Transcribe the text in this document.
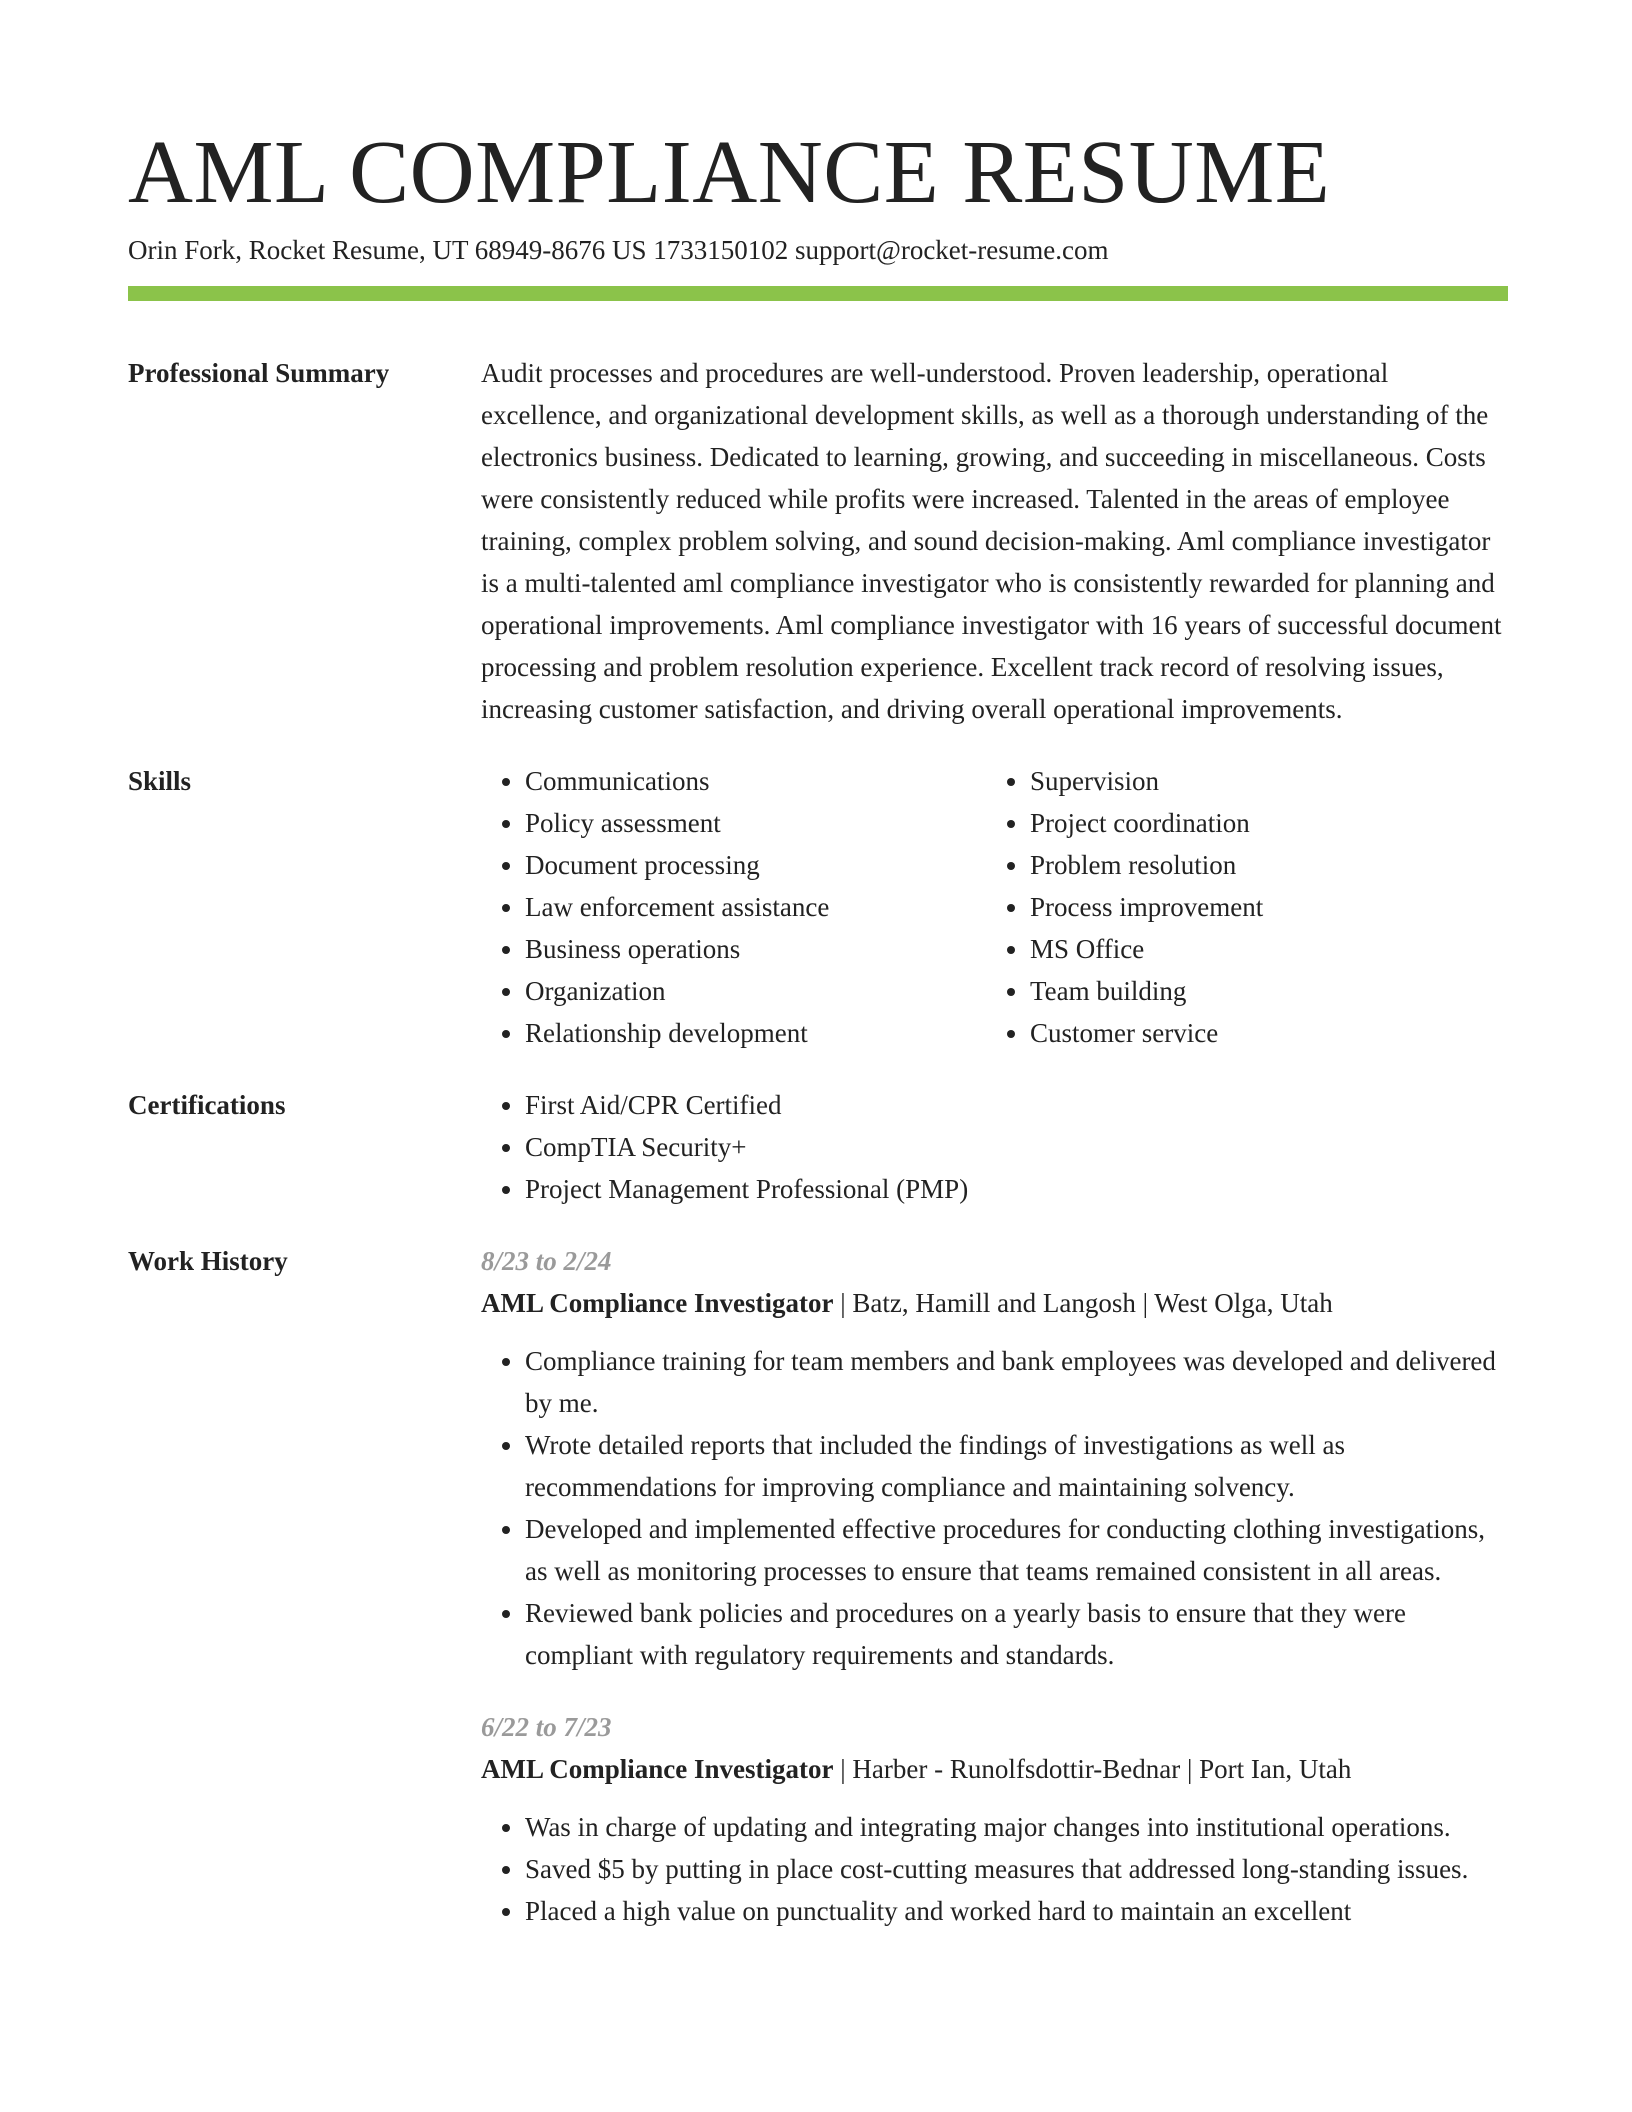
AML COMPLIANCE RESUME
Orin Fork, Rocket Resume, UT 68949-8676 US 1733150102 support@rocket-resume.com
Professional Summary	Audit processes and procedures are well-understood. Proven leadership, operational excellence, and organizational development skills, as well as a thorough understanding of the electronics business. Dedicated to learning, growing, and succeeding in miscellaneous. Costs were consistently reduced while profits were increased. Talented in the areas of employee training, complex problem solving, and sound decision-making. Aml compliance investigator is a multi-talented aml compliance investigator who is consistently rewarded for planning and operational improvements. Aml compliance investigator with 16 years of successful document processing and problem resolution experience. Excellent track record of resolving issues, increasing customer satisfaction, and driving overall operational improvements.

Skills	• Communications
• Policy assessment
• Document processing
• Law enforcement assistance
• Business operations
• Organization
• Relationship development
• Supervision
• Project coordination
• Problem resolution
• Process improvement
• MS Office
• Team building
• Customer service
Certifications	• First Aid/CPR Certified
• CompTIA Security+
• Project Management Professional (PMP)
Work History	8/23 to 2/24
AML Compliance Investigator | Batz, Hamill and Langosh | West Olga, Utah
• Compliance training for team members and bank employees was developed and delivered by me.
• Wrote detailed reports that included the findings of investigations as well as recommendations for improving compliance and maintaining solvency.
• Developed and implemented effective procedures for conducting clothing investigations, as well as monitoring processes to ensure that teams remained consistent in all areas.
• Reviewed bank policies and procedures on a yearly basis to ensure that they were compliant with regulatory requirements and standards.
6/22 to 7/23
AML Compliance Investigator | Harber - Runolfsdottir-Bednar | Port Ian, Utah
• Was in charge of updating and integrating major changes into institutional operations.
• Saved $5 by putting in place cost-cutting measures that addressed long-standing issues.
• Placed a high value on punctuality and worked hard to maintain an excellent
